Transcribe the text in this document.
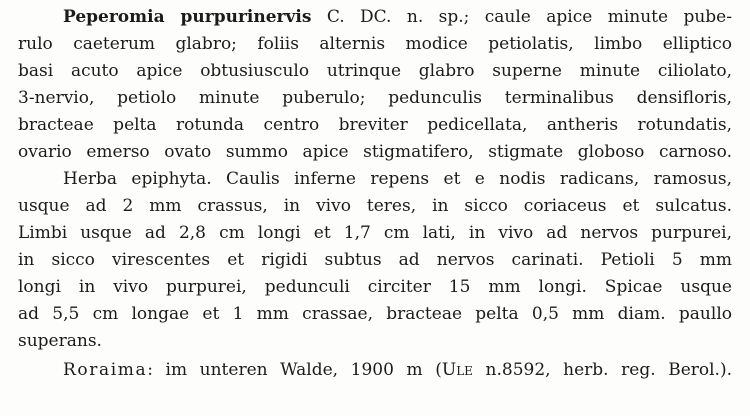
Peperomia purpurinervis C. DC. n. sp.; caule apice minute pube-
rulo caeterum glabro; foliis alternis modice petiolatis, limbo elliptico
basi acuto apice obtusiusculo utrinque glabro superne minute ciliolato,
3-nervio, petiolo minute puberulo; pedunculis terminalibus densifloris,
bracteae pelta rotunda centro breviter pedicellata, antheris rotundatis,
ovario emerso ovato summo apice stigmatifero, stigmate globoso carnoso.
Herba epiphyta. Caulis inferne repens et e nodis radicans, ramosus,
usque ad 2 mm crassus, in vivo teres, in sicco coriaceus et sulcatus.
Limbi usque ad 2,8 cm longi et 1,7 cm lati, in vivo ad nervos purpurei,
in sicco virescentes et rigidi subtus ad nervos carinati. Petioli 5 mm
longi in vivo purpurei, pedunculi circiter 15 mm longi. Spicae usque
ad 5,5 cm longae et 1 mm crassae, bracteae pelta 0,5 mm diam. paullo
superans.
Roraima: im unteren Walde, 1900 m (Ule n.8592, herb. reg. Berol.).
